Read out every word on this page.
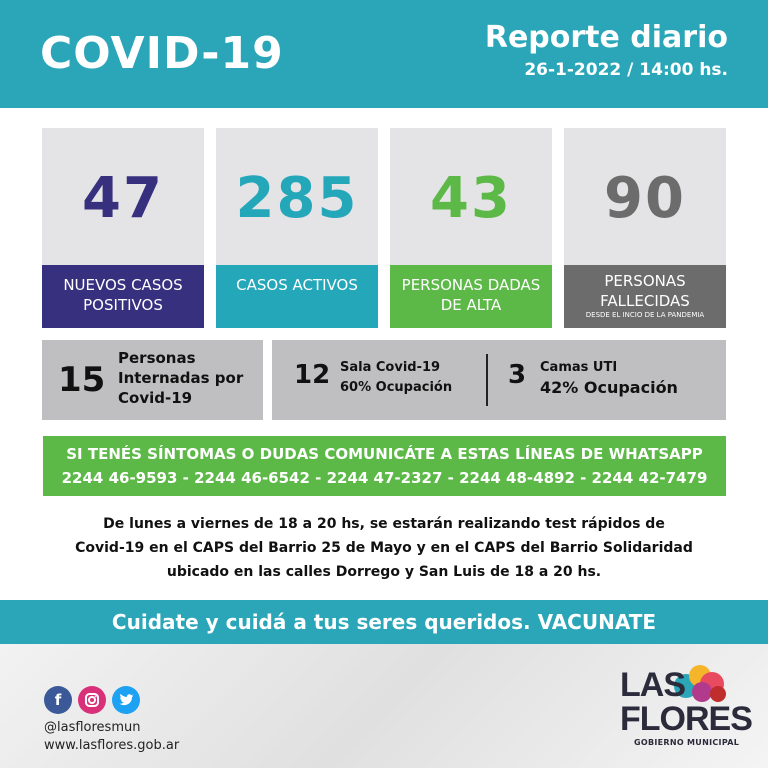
COVID-19	Reporte diario
26-1-2022 / 14:00 hs.
47
NUEVOS CASOS POSITIVOS
285
CASOS ACTIVOS
43
PERSONAS DADAS DE ALTA
90
PERSONAS FALLECIDAS
DESDE EL INCIO DE LA PANDEMIA
15
Personas Internadas por Covid-19
12 Sala Covid-19
60% Ocupación 3 Camas UTI
42% Ocupación
SI TENÉS SÍNTOMAS O DUDAS COMUNICÁTE A ESTAS LÍNEAS DE WHATSAPP
2244 46-9593 - 2244 46-6542 - 2244 47-2327 - 2244 48-4892 - 2244 42-7479
De lunes a viernes de 18 a 20 hs, se estarán realizando test rápidos de
Covid-19 en el CAPS del Barrio 25 de Mayo y en el CAPS del Barrio Solidaridad
ubicado en las calles Dorrego y San Luis de 18 a 20 hs.
Cuidate y cuidá a tus seres queridos. VACUNATE
f
@lasfloresmun
www.lasflores.gob.ar
LAS
FLORES
GOBIERNO MUNICIPAL
